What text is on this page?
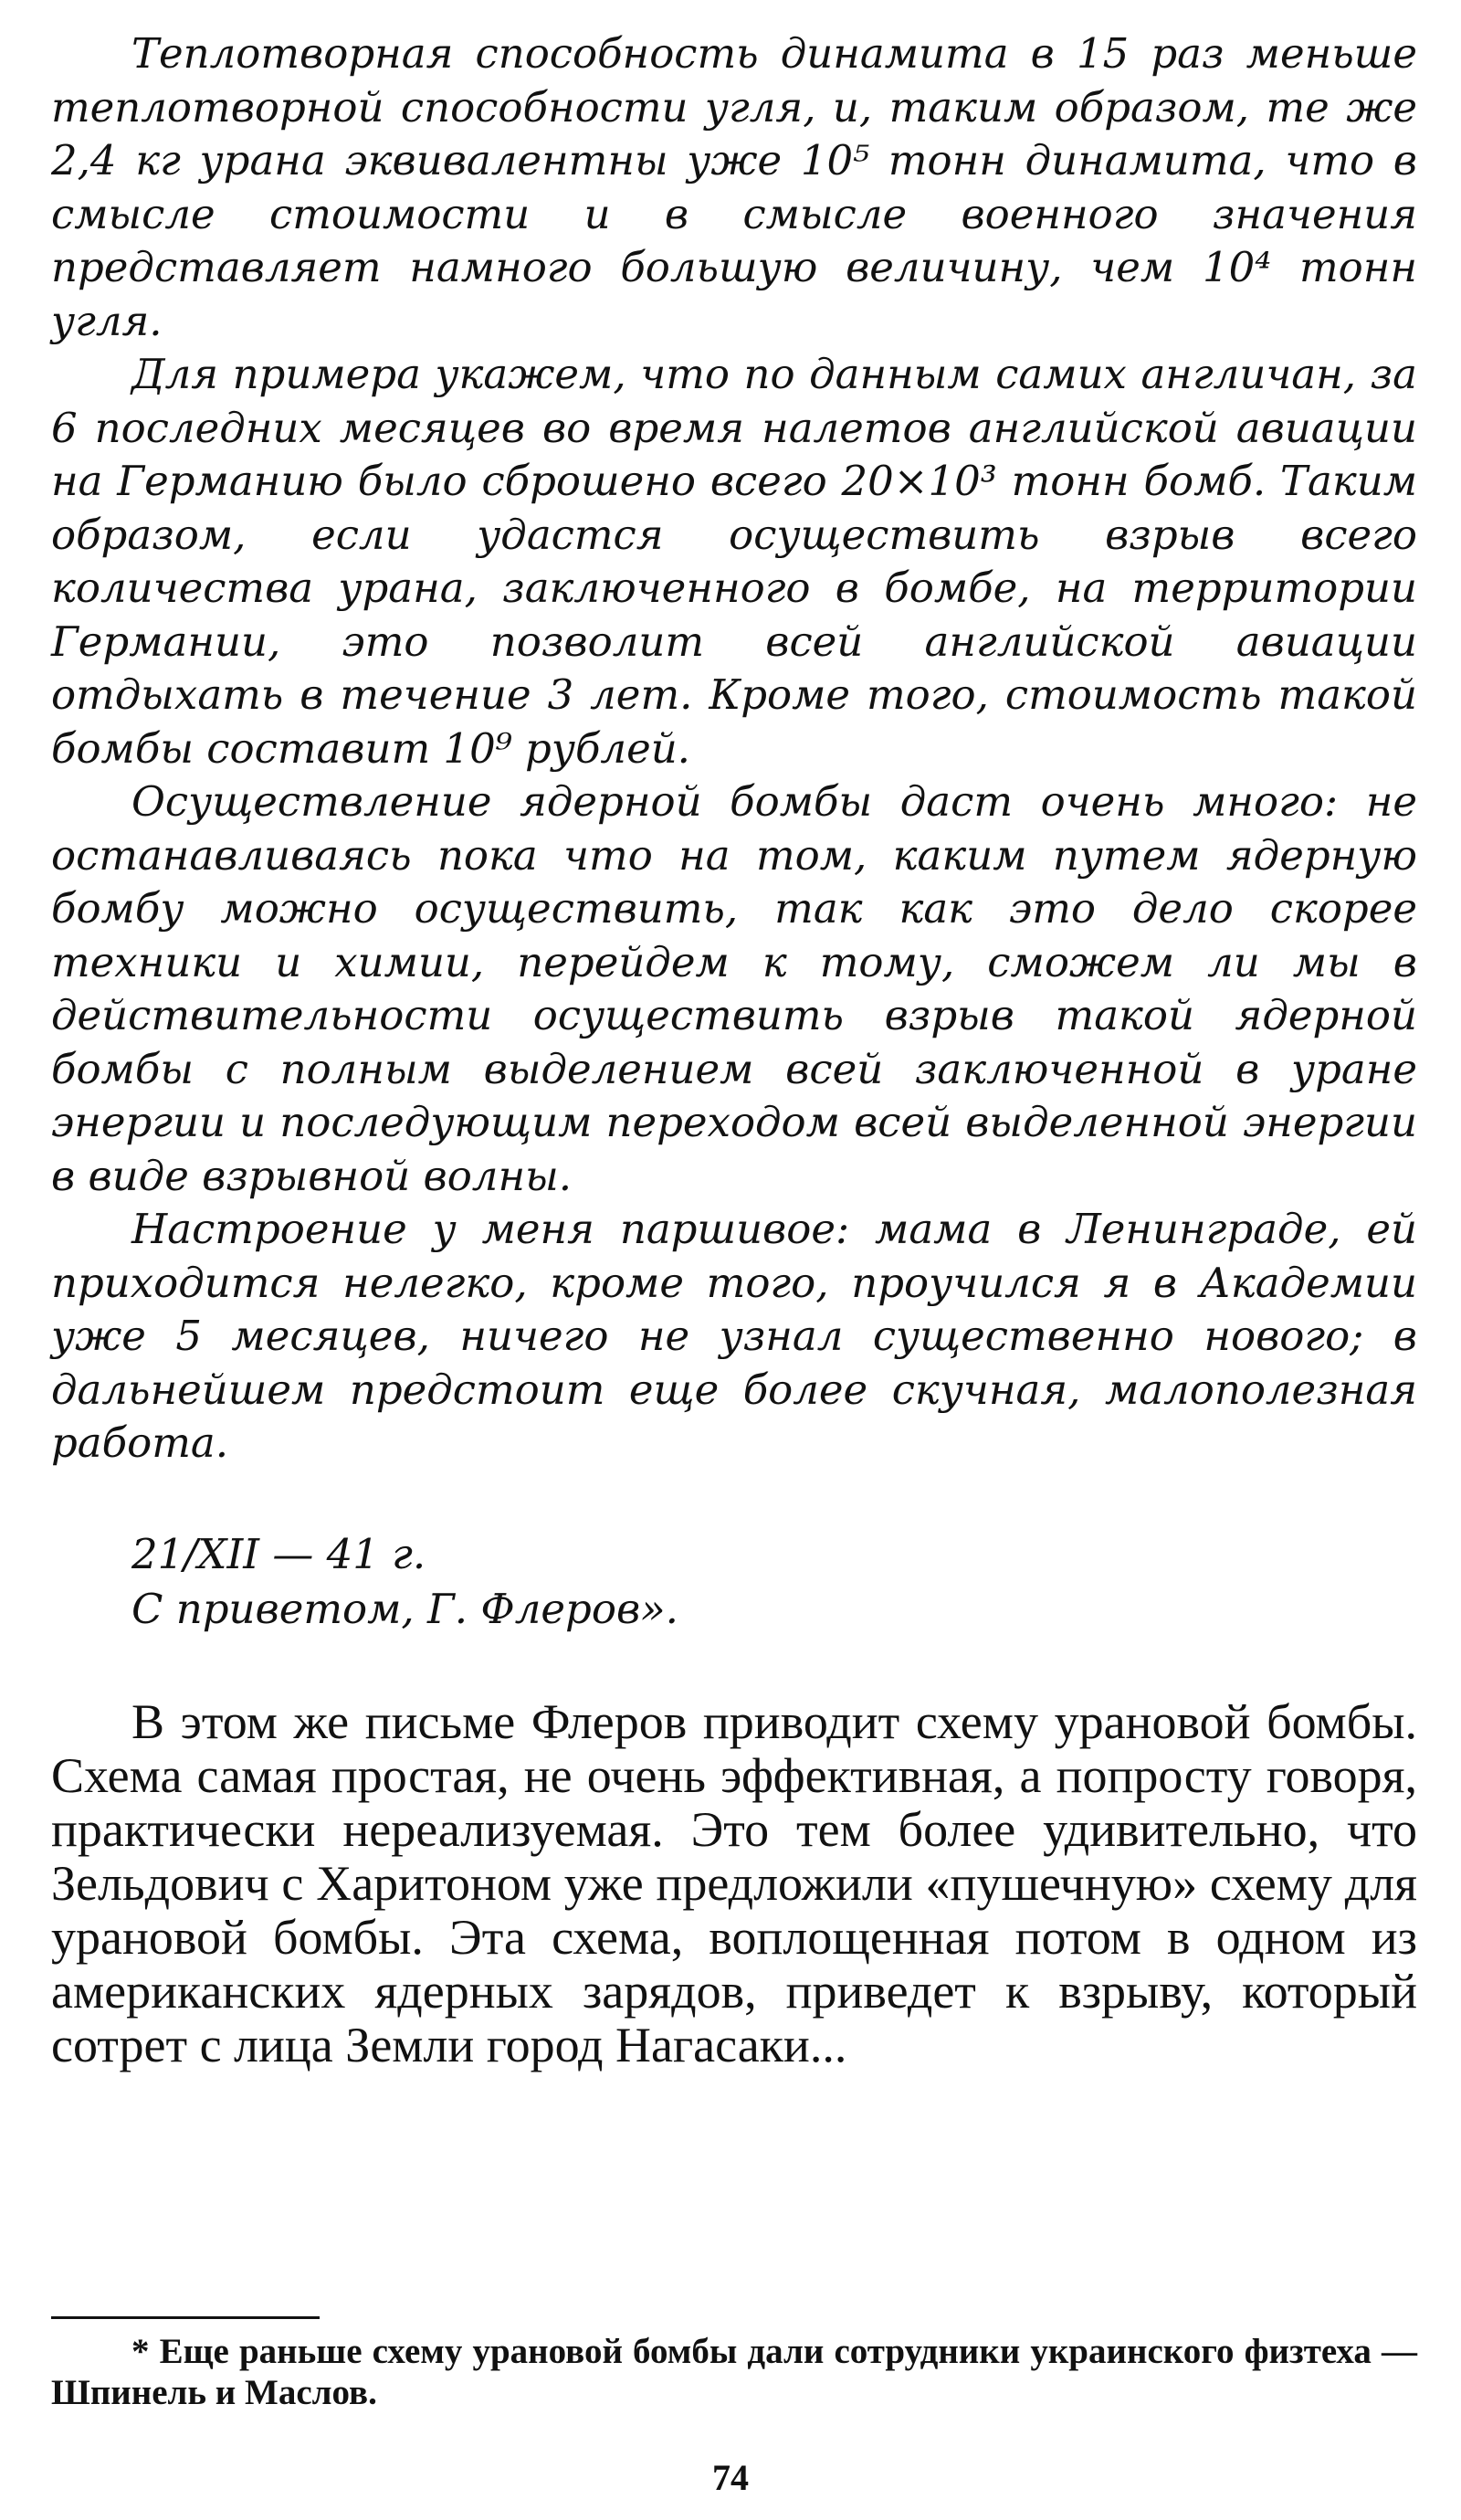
Теплотворная способность динамита в 15 раз меньше теплотворной способности угля, и, таким образом, те же 2,4 кг урана эквивалентны уже 10⁵ тонн динамита, что в смысле стоимости и в смысле военного значения представляет намного большую величину, чем 10⁴ тонн угля.

Для примера укажем, что по данным самих англичан, за 6 последних месяцев во время налетов английской авиации на Германию было сброшено всего 20×10³ тонн бомб. Таким образом, если удастся осуществить взрыв всего количества урана, заключенного в бомбе, на территории Германии, это позволит всей английской авиации отдыхать в течение 3 лет. Кроме того, стоимость такой бомбы составит 10⁹ рублей.

Осуществление ядерной бомбы даст очень много: не останавливаясь пока что на том, каким путем ядерную бомбу можно осуществить, так как это дело скорее техники и химии, перейдем к тому, сможем ли мы в действительности осуществить взрыв такой ядерной бомбы с полным выделением всей заключенной в уране энергии и последующим переходом всей выделенной энергии в виде взрывной волны.

Настроение у меня паршивое: мама в Ленинграде, ей приходится нелегко, кроме того, проучился я в Академии уже 5 месяцев, ничего не узнал существенно нового; в дальнейшем предстоит еще более скучная, малополезная работа.

21/XII — 41 г.
С приветом, Г. Флеров».

В этом же письме Флеров приводит схему урановой бомбы. Схема самая простая, не очень эффективная, а попросту говоря, практически нереализуемая. Это тем более удивительно, что Зельдович с Харитоном уже предложили «пушечную» схему для урановой бомбы. Эта схема, воплощенная потом в одном из американских ядерных зарядов, приведет к взрыву, который сотрет с лица Земли город Нагасаки...

* Еще раньше схему урановой бомбы дали сотрудники украинского физтеха — Шпинель и Маслов.

74
